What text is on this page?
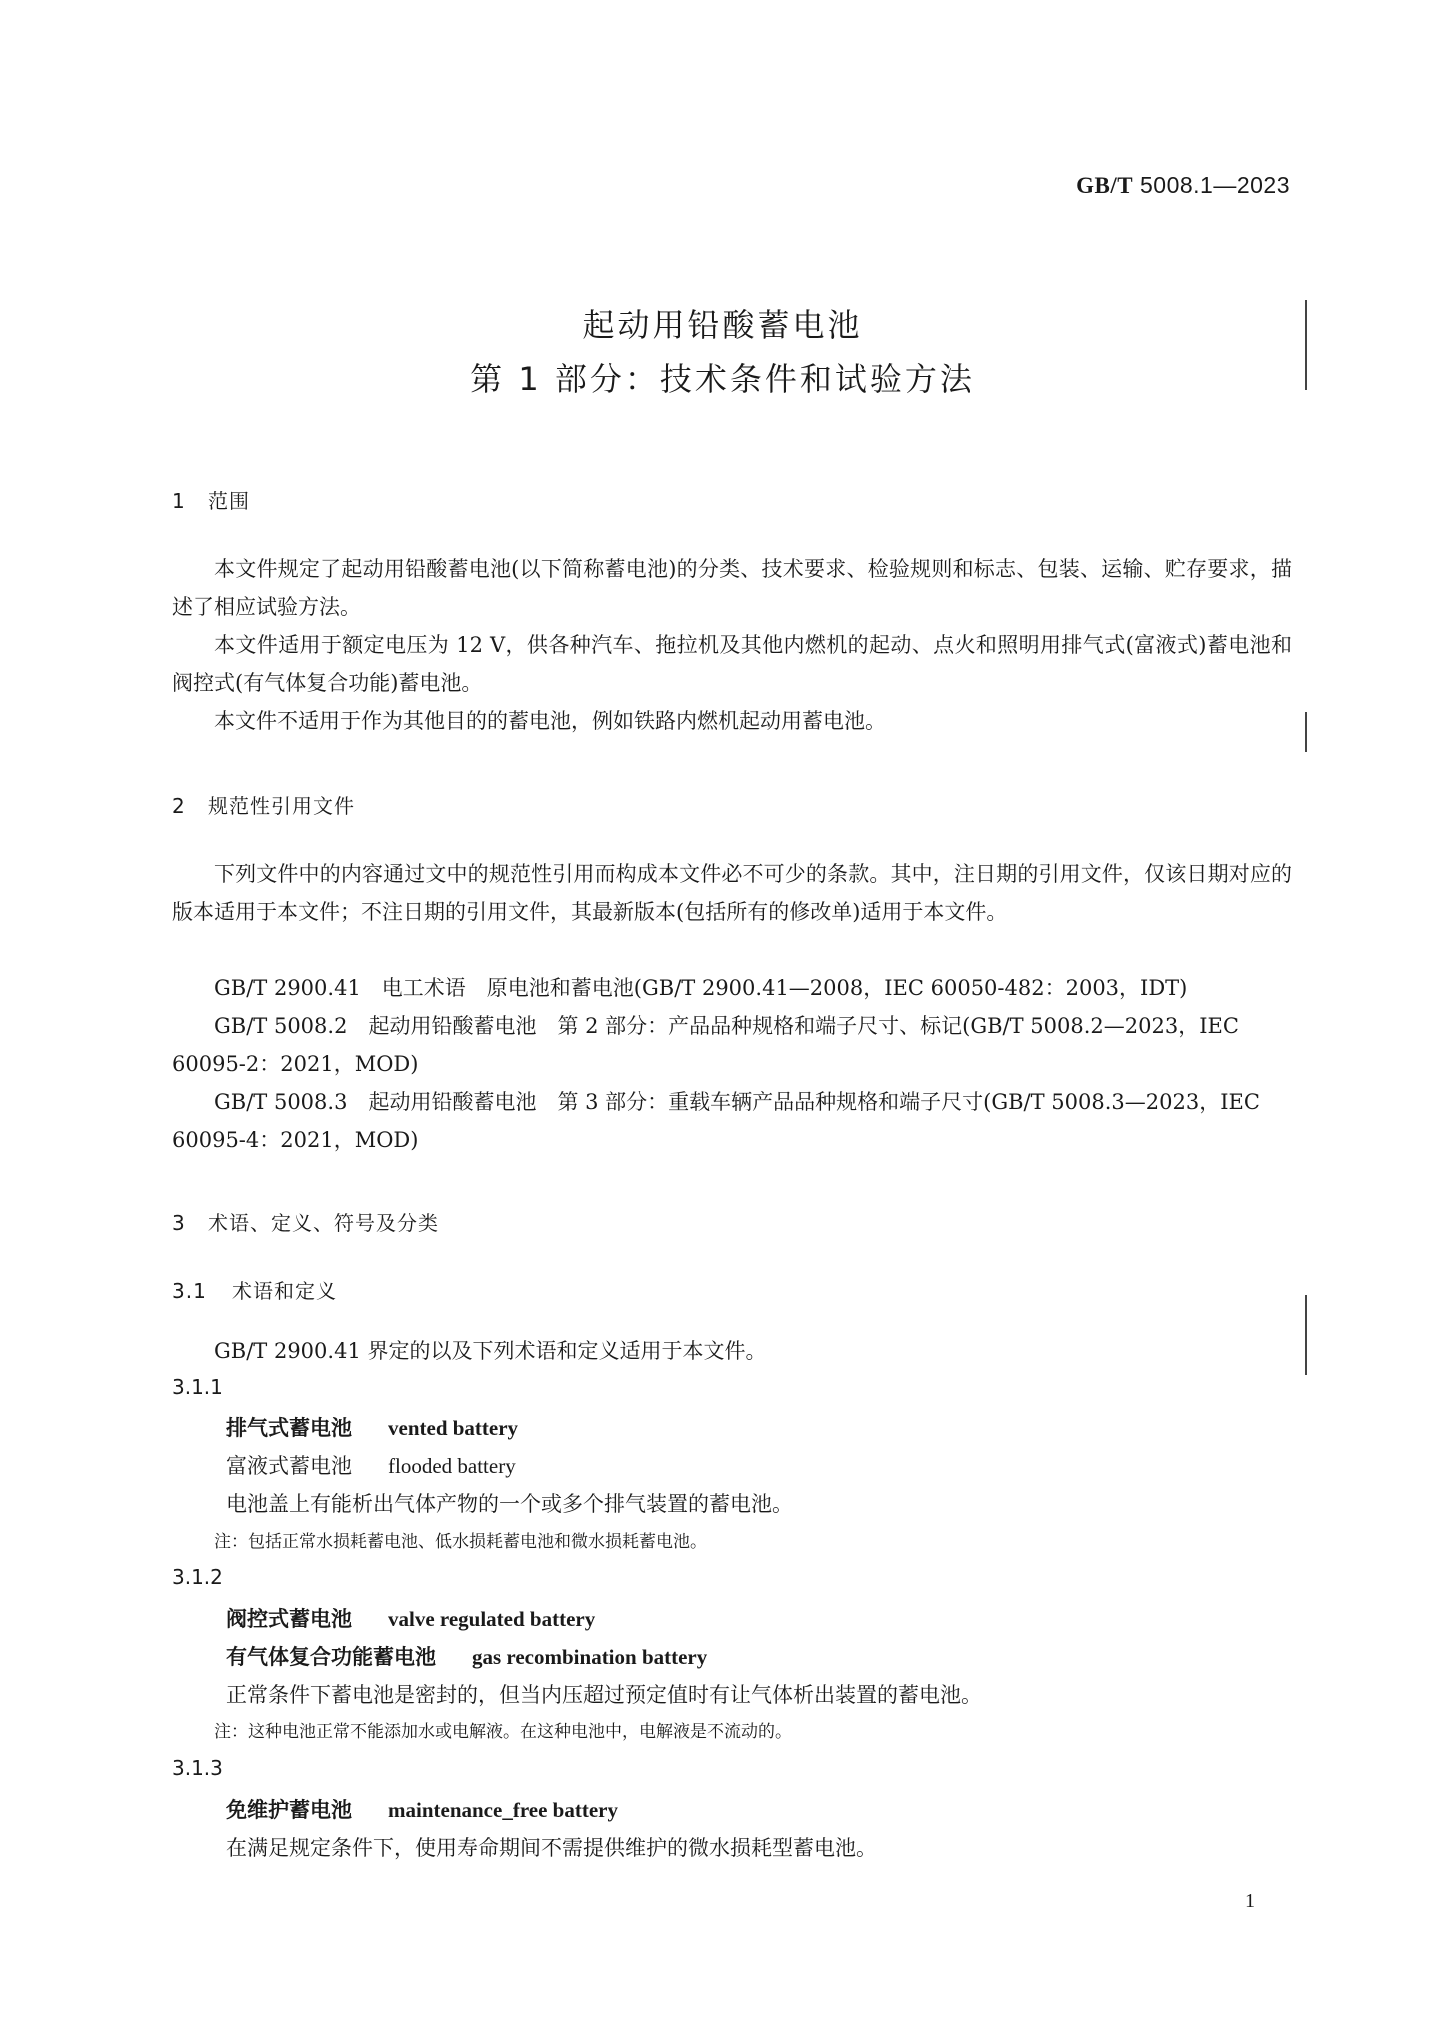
GB/T 5008.1—2023
起动用铅酸蓄电池
第 1 部分：技术条件和试验方法
1 范围
本文件规定了起动用铅酸蓄电池(以下简称蓄电池)的分类、技术要求、检验规则和标志、包装、运输、贮存要求，描述了相应试验方法。
本文件适用于额定电压为 12 V，供各种汽车、拖拉机及其他内燃机的起动、点火和照明用排气式(富液式)蓄电池和阀控式(有气体复合功能)蓄电池。
本文件不适用于作为其他目的的蓄电池，例如铁路内燃机起动用蓄电池。
2 规范性引用文件
下列文件中的内容通过文中的规范性引用而构成本文件必不可少的条款。其中，注日期的引用文件，仅该日期对应的版本适用于本文件；不注日期的引用文件，其最新版本(包括所有的修改单)适用于本文件。
GB/T 2900.41　电工术语　原电池和蓄电池(GB/T 2900.41—2008，IEC 60050-482：2003，IDT)
GB/T 5008.2　起动用铅酸蓄电池　第 2 部分：产品品种规格和端子尺寸、标记(GB/T 5008.2—2023，IEC 60095-2：2021，MOD)
GB/T 5008.3　起动用铅酸蓄电池　第 3 部分：重载车辆产品品种规格和端子尺寸(GB/T 5008.3—2023，IEC 60095-4：2021，MOD)
3 术语、定义、符号及分类
3.1 术语和定义
GB/T 2900.41 界定的以及下列术语和定义适用于本文件。
3.1.1
排气式蓄电池 vented battery
富液式蓄电池 flooded battery
电池盖上有能析出气体产物的一个或多个排气装置的蓄电池。
注：包括正常水损耗蓄电池、低水损耗蓄电池和微水损耗蓄电池。
3.1.2
阀控式蓄电池 valve regulated battery
有气体复合功能蓄电池 gas recombination battery
正常条件下蓄电池是密封的，但当内压超过预定值时有让气体析出装置的蓄电池。
注：这种电池正常不能添加水或电解液。在这种电池中，电解液是不流动的。
3.1.3
免维护蓄电池 maintenance_free battery
在满足规定条件下，使用寿命期间不需提供维护的微水损耗型蓄电池。
1
